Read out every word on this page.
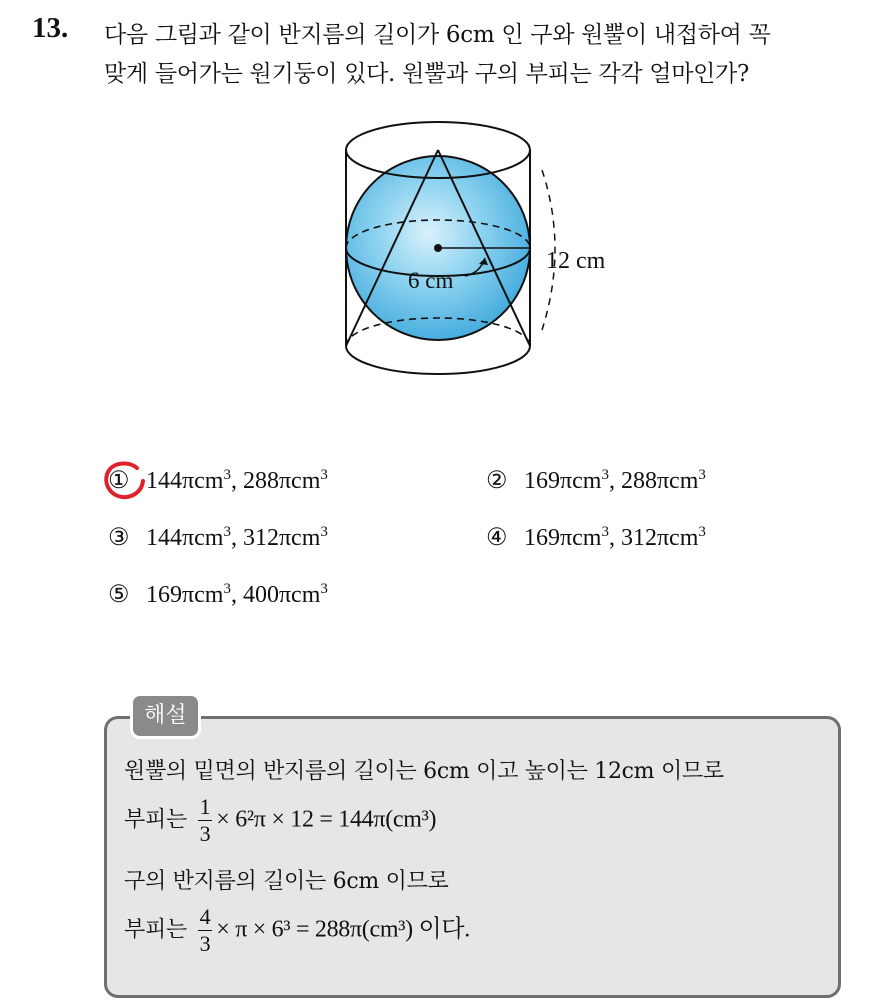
13. 다음 그림과 같이 반지름의 길이가 6cm 인 구와 원뿔이 내접하여 꼭
맞게 들어가는 원기둥이 있다. 원뿔과 구의 부피는 각각 얼마인가?
6 cm
12 cm
① 144πcm$^3$, 288πcm$^3$	② 169πcm$^3$, 288πcm$^3$
③ 144πcm$^3$, 312πcm$^3$	④ 169πcm$^3$, 312πcm$^3$
⑤ 169πcm$^3$, 400πcm$^3$
해설
원뿔의 밑면의 반지름의 길이는 6cm 이고 높이는 12cm 이므로
부피는 $\frac{1}{3} \times 6^2\pi \times 12 = 144\pi(cm^3)$
구의 반지름의 길이는 6cm 이므로
부피는 $\frac{4}{3} \times \pi \times 6^3 = 288\pi(cm^3)$ 이다.
